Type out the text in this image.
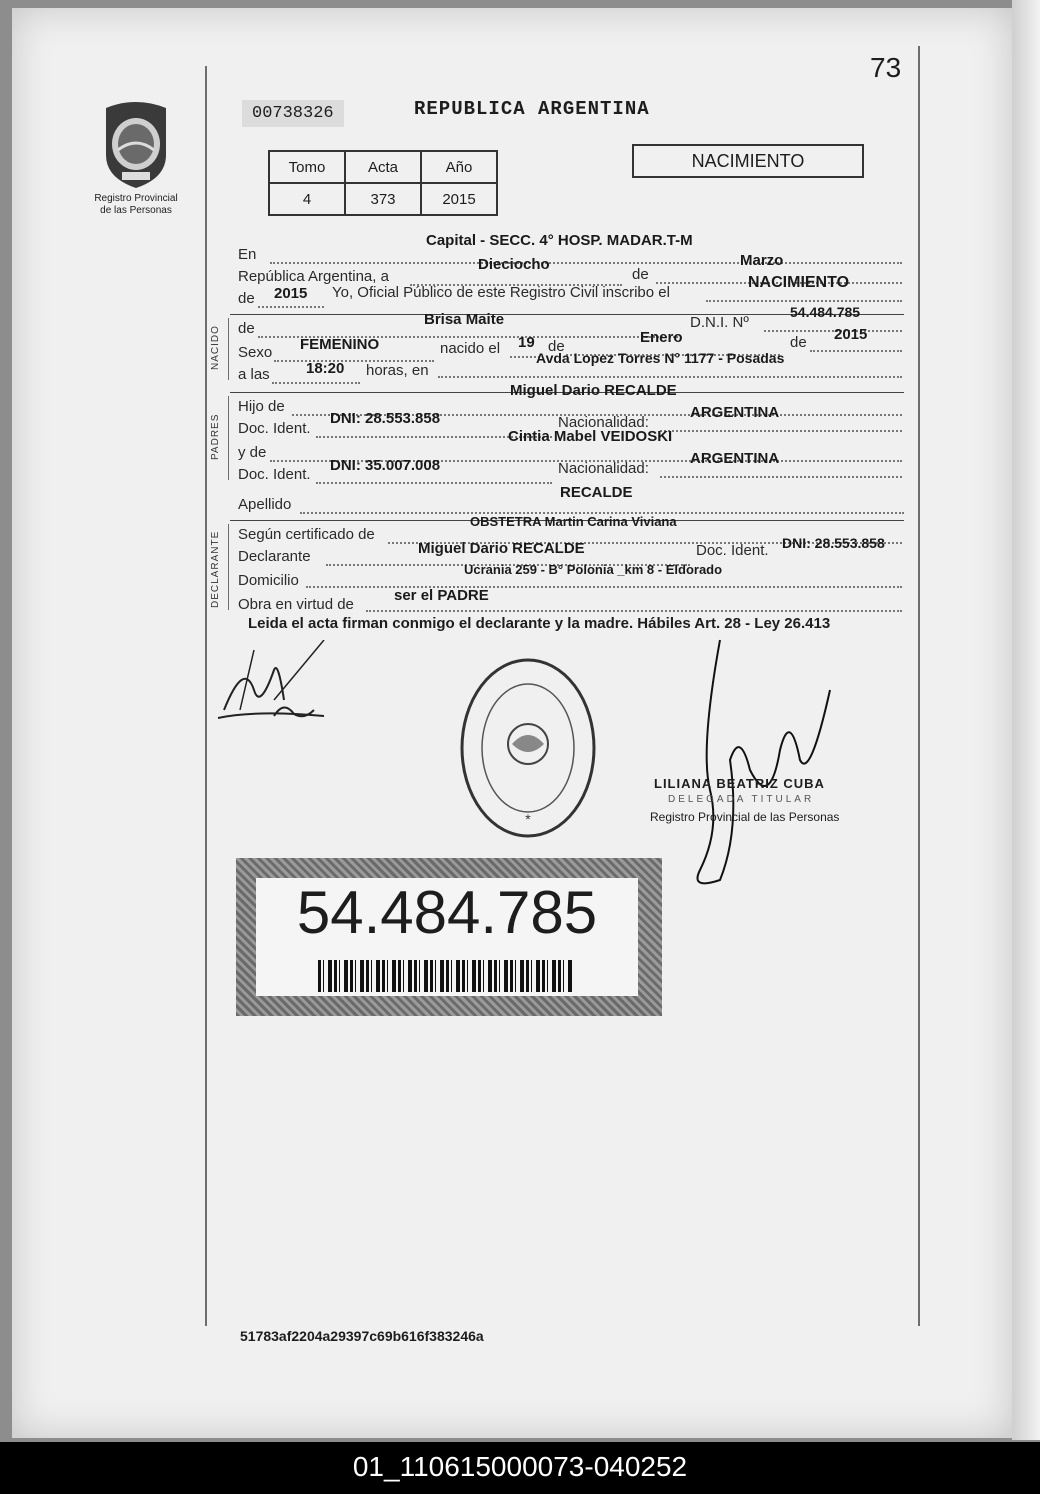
73
Registro Provincial
de las Personas
00738326	REPUBLICA ARGENTINA
Tomo	Acta	Año
4	373	2015
NACIMIENTO
En
Capital - SECC. 4° HOSP. MADAR.T-M
República Argentina, a
Dieciocho
de
Marzo
de 2015 Yo, Oficial Público de este Registro Civil inscribo el
NACIMIENTO
NACIDO de
Brisa Maite	D.N.I. Nº
54.484.785
Sexo FEMENINO	nacido el 19 de
Enero	de 2015
a las 18:20 horas, en
Avda Lopez Torres N° 1177 - Posadas
PADRES
Hijo de
Miguel Dario RECALDE
Doc. Ident.
DNI: 28.553.858	Nacionalidad:
ARGENTINA
y de
Cintia Mabel VEIDOSKI
Doc. Ident.
DNI: 35.007.008	Nacionalidad:
ARGENTINA
Apellido
RECALDE
DECLARANTE Según certificado de
OBSTETRA Martin Carina Viviana
Declarante	Miguel Dario RECALDE	Doc. Ident. DNI: 28.553.858
Domicilio
Ucrania 259 - B° Polonia _km 8 - Eldorado
Obra en virtud de
ser el PADRE
Leida el acta firman conmigo el declarante y la madre. Hábiles Art. 28 - Ley 26.413
*
LILIANA BEATRIZ CUBA
DELEGADA TITULAR
Registro Provincial de las Personas
54.484.785
51783af2204a29397c69b616f383246a
01_110615000073-040252
